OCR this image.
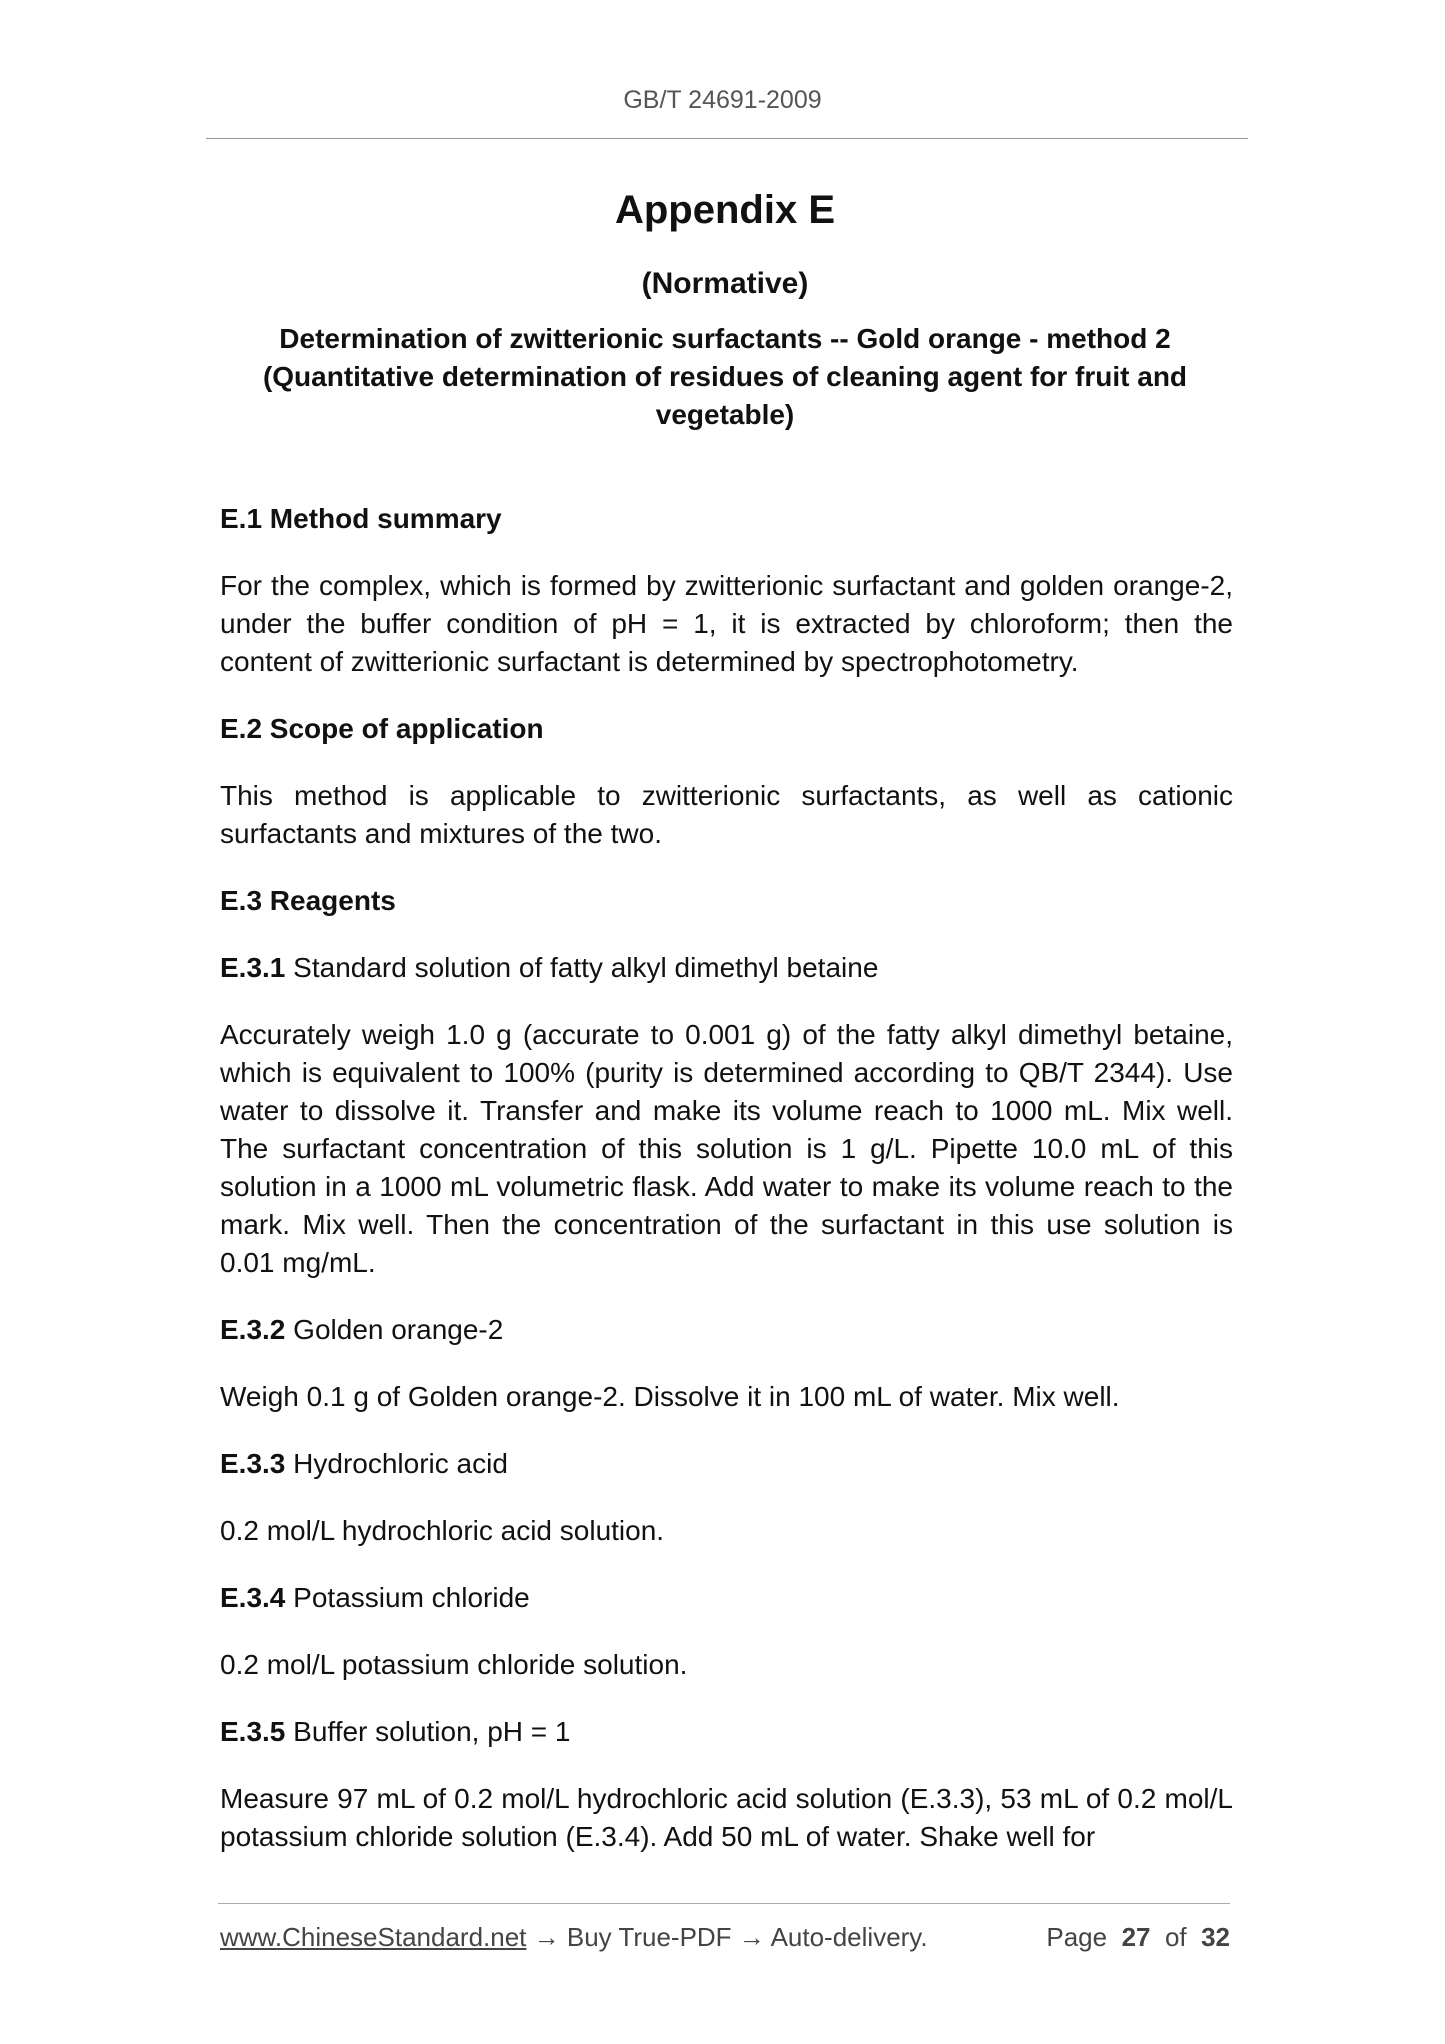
GB/T 24691-2009
Appendix E
(Normative)
Determination of zwitterionic surfactants -- Gold orange - method 2
(Quantitative determination of residues of cleaning agent for fruit and
vegetable)
E.1 Method summary

For the complex, which is formed by zwitterionic surfactant and golden orange-2, under the buffer condition of pH = 1, it is extracted by chloroform; then the content of zwitterionic surfactant is determined by spectrophotometry.

E.2 Scope of application

This method is applicable to zwitterionic surfactants, as well as cationic surfactants and mixtures of the two.

E.3 Reagents

E.3.1 Standard solution of fatty alkyl dimethyl betaine

Accurately weigh 1.0 g (accurate to 0.001 g) of the fatty alkyl dimethyl betaine, which is equivalent to 100% (purity is determined according to QB/T 2344). Use water to dissolve it. Transfer and make its volume reach to 1000 mL. Mix well. The surfactant concentration of this solution is 1 g/L. Pipette 10.0 mL of this solution in a 1000 mL volumetric flask. Add water to make its volume reach to the mark. Mix well. Then the concentration of the surfactant in this use solution is 0.01 mg/mL.

E.3.2 Golden orange-2

Weigh 0.1 g of Golden orange-2. Dissolve it in 100 mL of water. Mix well.

E.3.3 Hydrochloric acid

0.2 mol/L hydrochloric acid solution.

E.3.4 Potassium chloride

0.2 mol/L potassium chloride solution.

E.3.5 Buffer solution, pH = 1

Measure 97 mL of 0.2 mol/L hydrochloric acid solution (E.3.3), 53 mL of 0.2 mol/L potassium chloride solution (E.3.4). Add 50 mL of water. Shake well for

www.ChineseStandard.net → Buy True-PDF → Auto-delivery.	Page 27 of 32
